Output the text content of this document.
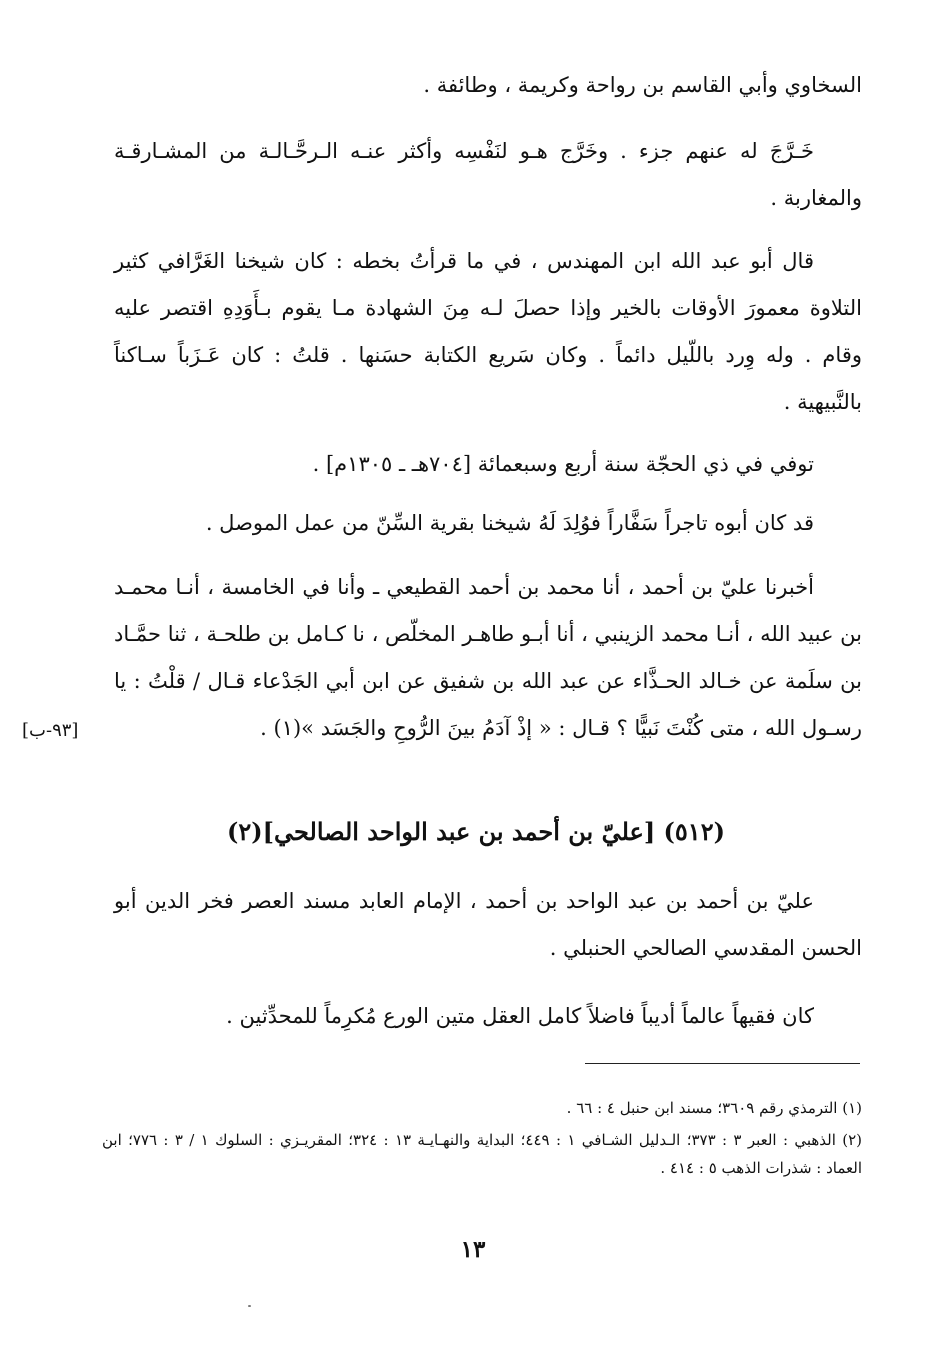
السخاوي وأبي القاسم بن رواحة وكريمة ، وطائفة .

خَـرَّجَ له عنهم جزء . وخَرَّج هـو لنَفْسِه وأكثر عنـه الـرحَّـالـة من المشـارقـة والمغاربة .

قال أبو عبد الله ابن المهندس ، في ما قرأتُ بخطه : كان شيخنا الغَرَّافي كثير التلاوة معمورَ الأوقات بالخير وإذا حصلَ لـه مِنَ الشهادة مـا يقوم بـأَوَدِهِ اقتصر عليه وقام . وله وِرد باللّيل دائماً . وكان سَريع الكتابة حسَنها . قلتُ : كان عَـزَباً سـاكناً بالنَّبيهية .

توفي في ذي الحجّة سنة أربع وسبعمائة [٧٠٤هـ ـ ١٣٠٥م] .

قد كان أبوه تاجراً سَفَّاراً فوُلِدَ لَهُ شيخنا بقرية السِّنّ من عمل الموصل .

أخبرنا عليّ بن أحمد ، أنا محمد بن أحمد القطيعي ـ وأنا في الخامسة ، أنـا محمـد بن عبيد الله ، أنـا محمد الزينبي ، أنا أبـو طاهـر المخلّص ، نا كـامل بن طلحـة ، ثنا حمَّـاد بن سلَمة عن خـالد الحـذَّاء عن عبد الله بن شفيق عن ابن أبي الجَدْعاء قـال / قلْتُ : يا رسـول الله ، متى كُنْتَ نَبيًّا ؟ قـال : « إذْ آدَمُ بينَ الرُّوحِ والجَسَد »(١) .

[٩٣-ب]
(٥١٢) [عليّ بن أحمد بن عبد الواحد الصالحي](٢)

عليّ بن أحمد بن عبد الواحد بن أحمد ، الإمام العابد مسند العصر فخر الدين أبو الحسن المقدسي الصالحي الحنبلي .

كان فقيهاً عالماً أديباً فاضلاً كامل العقل متين الورع مُكرِماً للمحدِّثين .

(١) الترمذي رقم ٣٦٠٩؛ مسند ابن حنبل ٤ : ٦٦ .

(٢) الذهبي : العبر ٣ : ٣٧٣؛ الـدليل الشـافي ١ : ٤٤٩؛ البداية والنهـايـة ١٣ : ٣٢٤؛ المقريـزي : السلوك ١ / ٣ : ٧٧٦؛ ابن العماد : شذرات الذهب ٥ : ٤١٤ .

١٣
